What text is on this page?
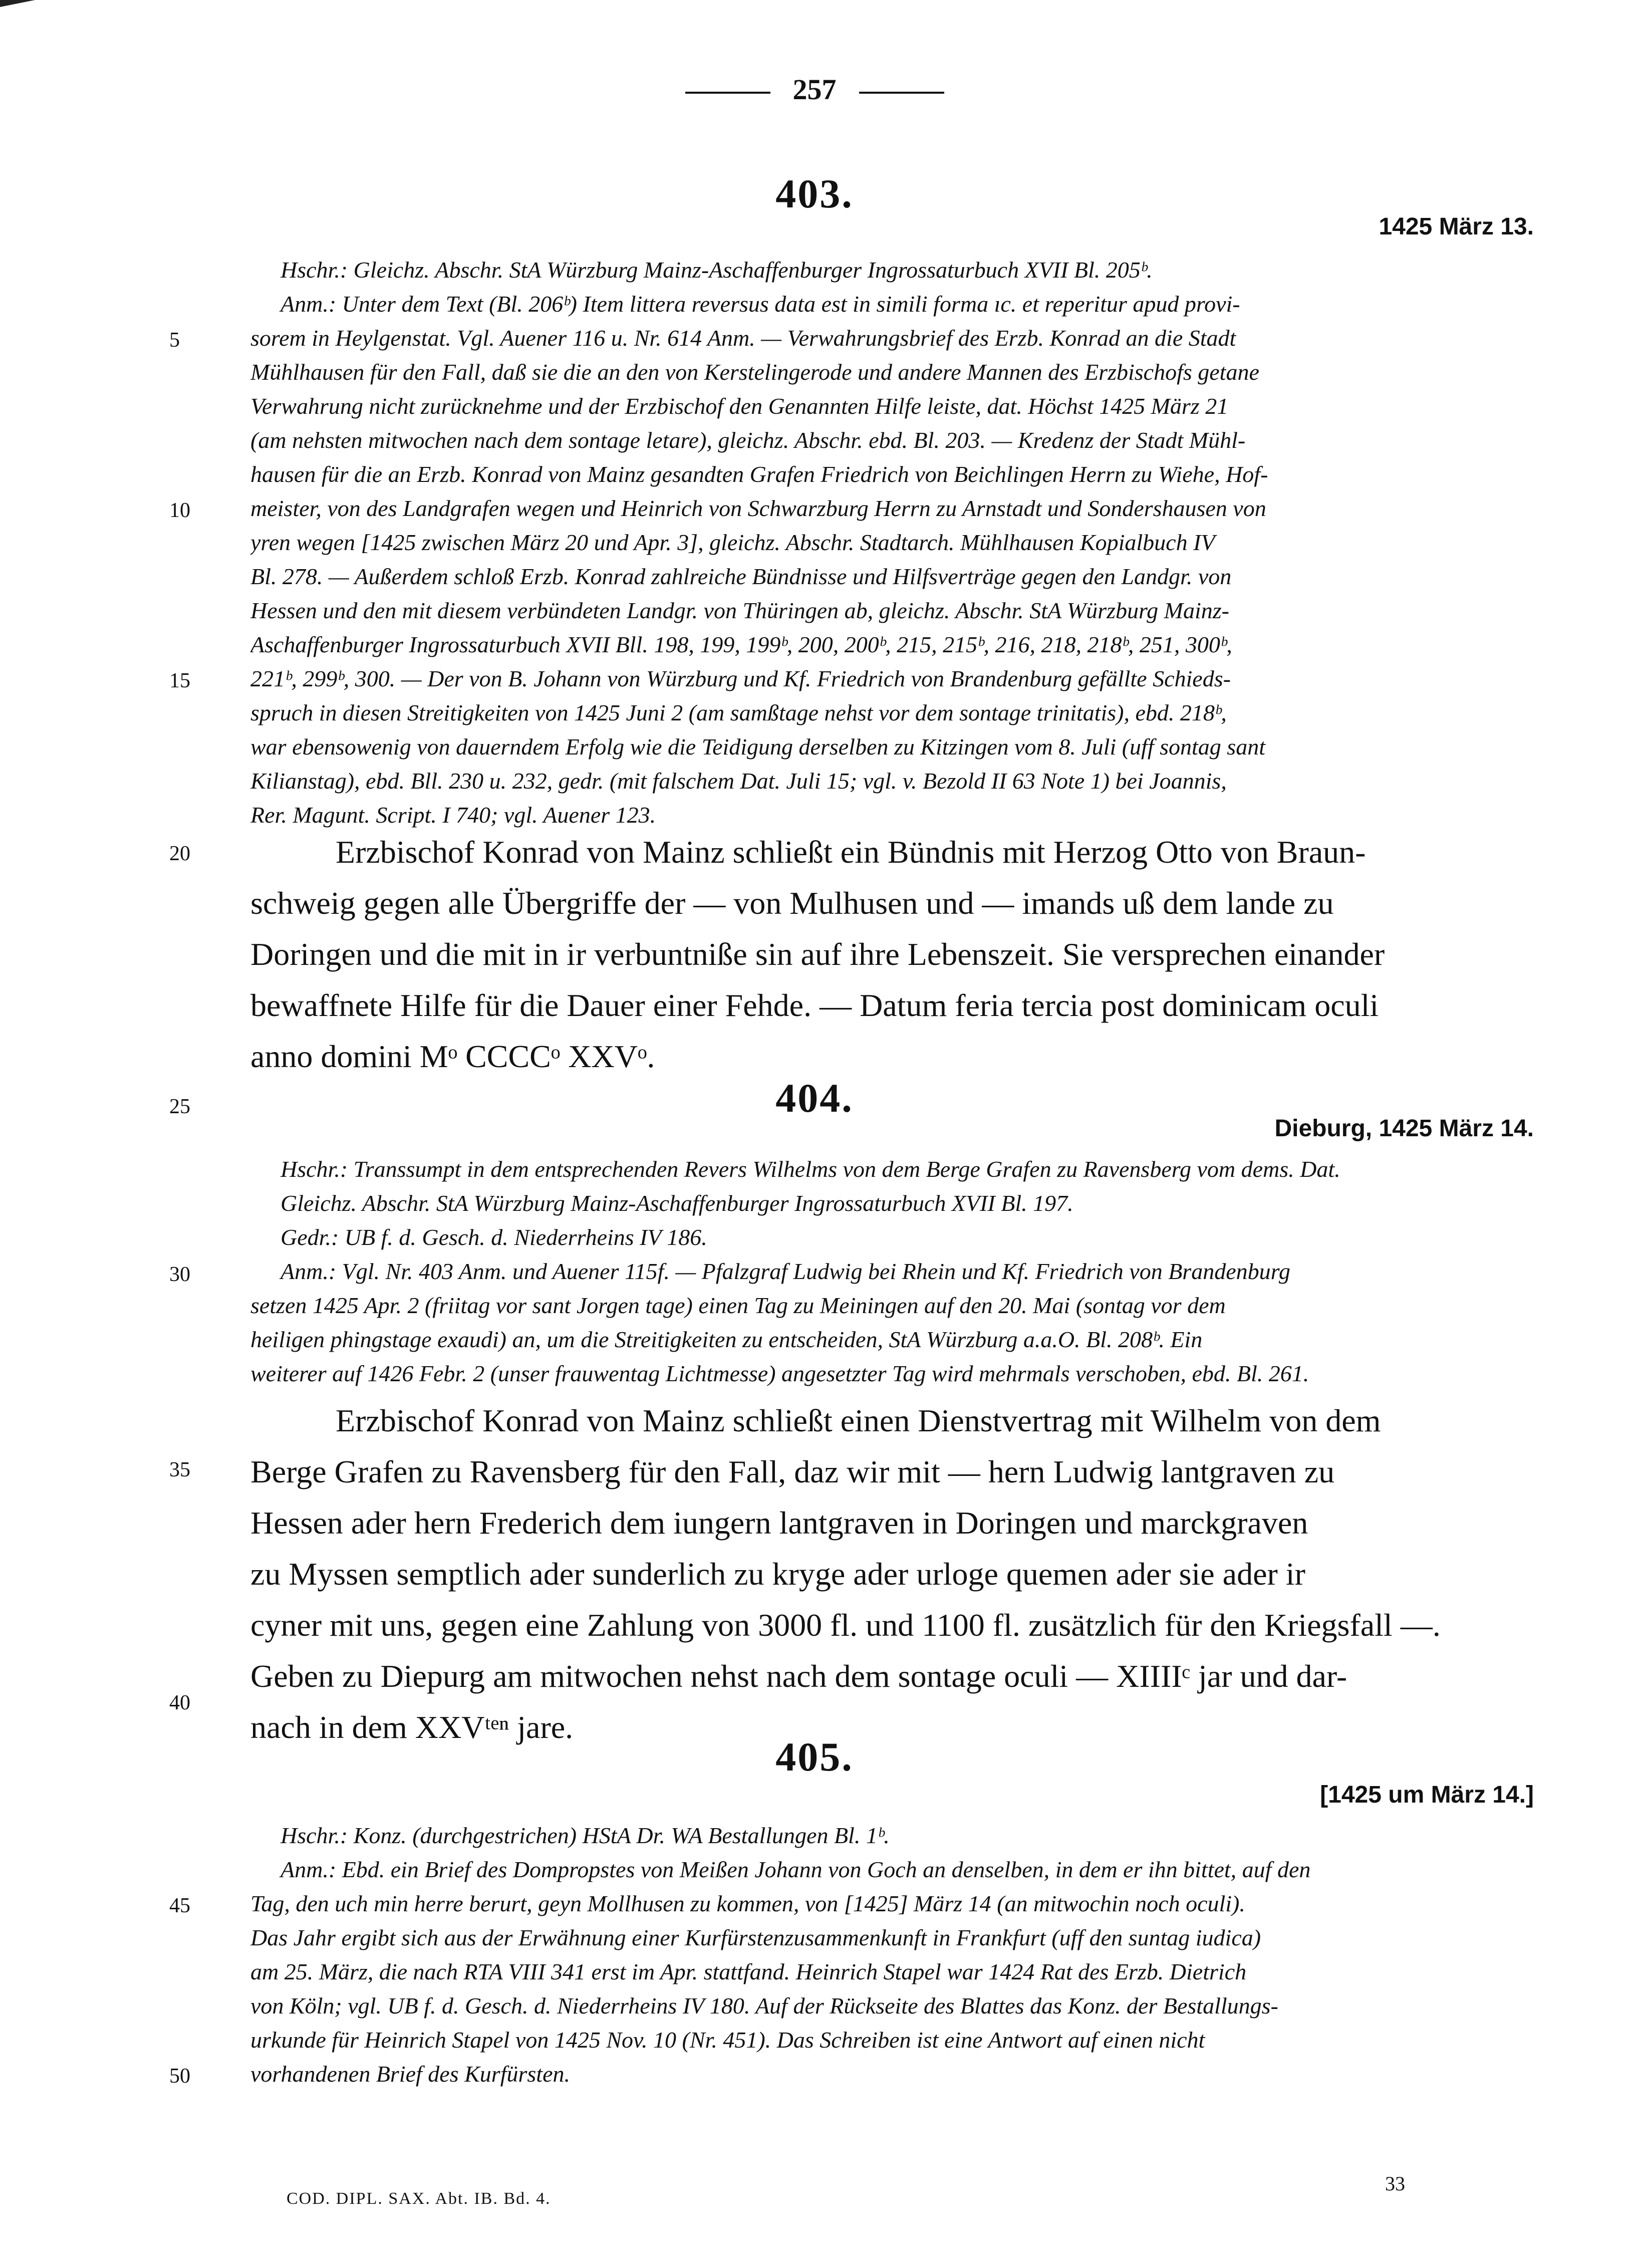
257
403.
1425 März 13.
Hschr.: Gleichz. Abschr. StA Würzburg Mainz-Aschaffenburger Ingrossaturbuch XVII Bl. 205ᵇ.
Anm.: Unter dem Text (Bl. 206ᵇ) Item littera reversus data est in simili forma ıc. et reperitur apud provi-
sorem in Heylgenstat. Vgl. Auener 116 u. Nr. 614 Anm. — Verwahrungsbrief des Erzb. Konrad an die Stadt
Mühlhausen für den Fall, daß sie die an den von Kerstelingerode und andere Mannen des Erzbischofs getane
Verwahrung nicht zurücknehme und der Erzbischof den Genannten Hilfe leiste, dat. Höchst 1425 März 21
(am nehsten mitwochen nach dem sontage letare), gleichz. Abschr. ebd. Bl. 203. — Kredenz der Stadt Mühl-
hausen für die an Erzb. Konrad von Mainz gesandten Grafen Friedrich von Beichlingen Herrn zu Wiehe, Hof-
meister, von des Landgrafen wegen und Heinrich von Schwarzburg Herrn zu Arnstadt und Sondershausen von
yren wegen [1425 zwischen März 20 und Apr. 3], gleichz. Abschr. Stadtarch. Mühlhausen Kopialbuch IV
Bl. 278. — Außerdem schloß Erzb. Konrad zahlreiche Bündnisse und Hilfsverträge gegen den Landgr. von
Hessen und den mit diesem verbündeten Landgr. von Thüringen ab, gleichz. Abschr. StA Würzburg Mainz-
Aschaffenburger Ingrossaturbuch XVII Bll. 198, 199, 199ᵇ, 200, 200ᵇ, 215, 215ᵇ, 216, 218, 218ᵇ, 251, 300ᵇ,
221ᵇ, 299ᵇ, 300. — Der von B. Johann von Würzburg und Kf. Friedrich von Brandenburg gefällte Schieds-
spruch in diesen Streitigkeiten von 1425 Juni 2 (am samßtage nehst vor dem sontage trinitatis), ebd. 218ᵇ,
war ebensowenig von dauerndem Erfolg wie die Teidigung derselben zu Kitzingen vom 8. Juli (uff sontag sant
Kilianstag), ebd. Bll. 230 u. 232, gedr. (mit falschem Dat. Juli 15; vgl. v. Bezold II 63 Note 1) bei Joannis,
Rer. Magunt. Script. I 740; vgl. Auener 123.
Erzbischof Konrad von Mainz schließt ein Bündnis mit Herzog Otto von Braun-
schweig gegen alle Übergriffe der — von Mulhusen und — imands uß dem lande zu
Doringen und die mit in ir verbuntniße sin auf ihre Lebenszeit. Sie versprechen einander
bewaffnete Hilfe für die Dauer einer Fehde. — Datum feria tercia post dominicam oculi
anno domini Mᵒ CCCCᵒ XXVᵒ.
404.
Dieburg, 1425 März 14.
Hschr.: Transsumpt in dem entsprechenden Revers Wilhelms von dem Berge Grafen zu Ravensberg vom dems. Dat.
Gleichz. Abschr. StA Würzburg Mainz-Aschaffenburger Ingrossaturbuch XVII Bl. 197.
Gedr.: UB f. d. Gesch. d. Niederrheins IV 186.
Anm.: Vgl. Nr. 403 Anm. und Auener 115f. — Pfalzgraf Ludwig bei Rhein und Kf. Friedrich von Brandenburg
setzen 1425 Apr. 2 (friitag vor sant Jorgen tage) einen Tag zu Meiningen auf den 20. Mai (sontag vor dem
heiligen phingstage exaudi) an, um die Streitigkeiten zu entscheiden, StA Würzburg a.a.O. Bl. 208ᵇ. Ein
weiterer auf 1426 Febr. 2 (unser frauwentag Lichtmesse) angesetzter Tag wird mehrmals verschoben, ebd. Bl. 261.
Erzbischof Konrad von Mainz schließt einen Dienstvertrag mit Wilhelm von dem
Berge Grafen zu Ravensberg für den Fall, daz wir mit — hern Ludwig lantgraven zu
Hessen ader hern Frederich dem iungern lantgraven in Doringen und marckgraven
zu Myssen semptlich ader sunderlich zu kryge ader urloge quemen ader sie ader ir
cyner mit uns, gegen eine Zahlung von 3000 fl. und 1100 fl. zusätzlich für den Kriegsfall —.
Geben zu Diepurg am mitwochen nehst nach dem sontage oculi — XIIIIᶜ jar und dar-
nach in dem XXVᵗᵉⁿ jare.
405.
[1425 um März 14.]
Hschr.: Konz. (durchgestrichen) HStA Dr. WA Bestallungen Bl. 1ᵇ.
Anm.: Ebd. ein Brief des Dompropstes von Meißen Johann von Goch an denselben, in dem er ihn bittet, auf den
Tag, den uch min herre berurt, geyn Mollhusen zu kommen, von [1425] März 14 (an mitwochin noch oculi).
Das Jahr ergibt sich aus der Erwähnung einer Kurfürstenzusammenkunft in Frankfurt (uff den suntag iudica)
am 25. März, die nach RTA VIII 341 erst im Apr. stattfand. Heinrich Stapel war 1424 Rat des Erzb. Dietrich
von Köln; vgl. UB f. d. Gesch. d. Niederrheins IV 180. Auf der Rückseite des Blattes das Konz. der Bestallungs-
urkunde für Heinrich Stapel von 1425 Nov. 10 (Nr. 451). Das Schreiben ist eine Antwort auf einen nicht
vorhandenen Brief des Kurfürsten.
5
10
15
20
25
30
35
40
45
50
COD. DIPL. SAX. Abt. IB. Bd. 4.
33
